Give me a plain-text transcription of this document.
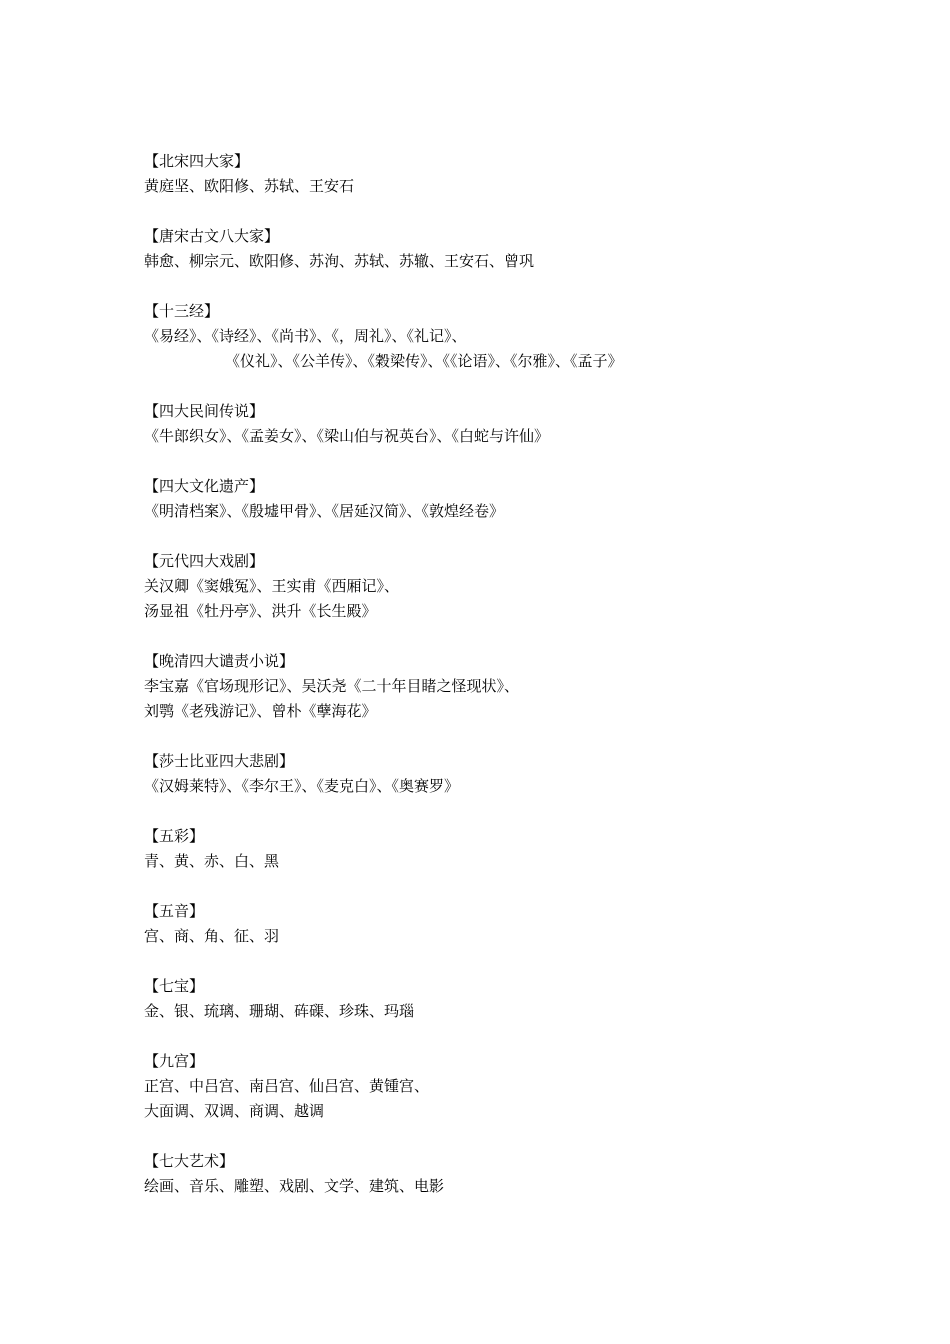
【北宋四大家】
黄庭坚、欧阳修、苏轼、王安石
【唐宋古文八大家】
韩愈、柳宗元、欧阳修、苏洵、苏轼、苏辙、王安石、曾巩
【十三经】
《易经》、《诗经》、《尚书》、《，周礼》、《礼记》、
《仪礼》、《公羊传》、《穀梁传》、《《论语》、《尔雅》、《孟子》
【四大民间传说】
《牛郎织女》、《孟姜女》、《梁山伯与祝英台》、《白蛇与许仙》
【四大文化遗产】
《明清档案》、《殷墟甲骨》、《居延汉简》、《敦煌经卷》
【元代四大戏剧】
关汉卿《窦娥冤》、王实甫《西厢记》、
汤显祖《牡丹亭》、洪升《长生殿》
【晚清四大谴责小说】
李宝嘉《官场现形记》、吴沃尧《二十年目睹之怪现状》、
刘鹗《老残游记》、曾朴《孽海花》
【莎士比亚四大悲剧】
《汉姆莱特》、《李尔王》、《麦克白》、《奥赛罗》
【五彩】
青、黄、赤、白、黑
【五音】
宫、商、角、征、羽
【七宝】
金、银、琉璃、珊瑚、砗磲、珍珠、玛瑙
【九宫】
正宫、中吕宫、南吕宫、仙吕宫、黄锺宫、
大面调、双调、商调、越调
【七大艺术】
绘画、音乐、雕塑、戏剧、文学、建筑、电影
